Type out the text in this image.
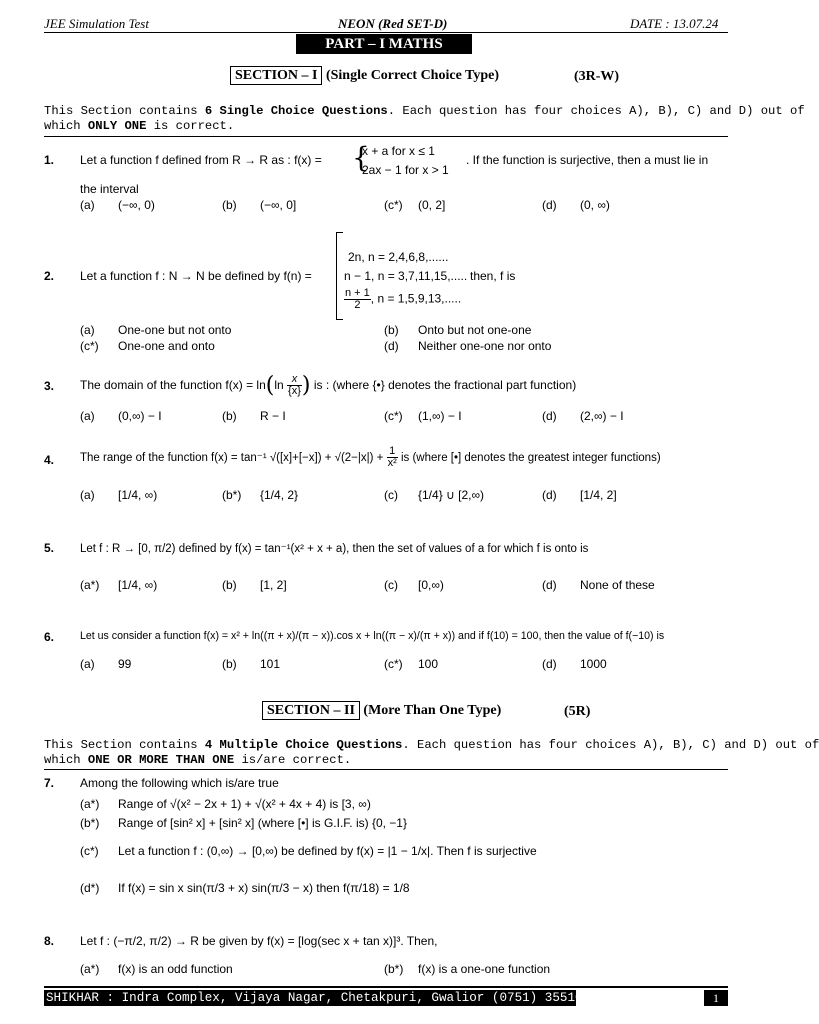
JEE Simulation Test	NEON (Red SET-D)	DATE : 13.07.24
PART – I MATHS
SECTION – I (Single Correct Choice Type)	(3R-W)
This Section contains 6 Single Choice Questions. Each question has four choices A), B), C) and D) out of
which ONLY ONE is correct.
1. Let a function f defined from R → R as : f(x) = {
x + a for x ≤ 1
2ax − 1 for x > 1
. If the function is surjective, then a must lie in
the interval
(a) (−∞, 0)	(b) (−∞, 0]	(c*) (0, 2]	(d) (0, ∞)
2. Let a function f : N → N be defined by f(n) =
2n, n = 2,4,6,8,......
n − 1, n = 3,7,11,15,.....
$\frac{n + 1}{2}$ , n = 1,5,9,13,.....
then, f is
(a) One-one but not onto	(b) Onto but not one-one
(c*) One-one and onto	(d) Neither one-one nor onto
3. The domain of the function $f(x) = \ln(\ln \frac{x}{\{x\}}$ ) is : (where {•} denotes the fractional part function)
(a) (0,∞) − I	(b) R − I	(c*) (1,∞) − I	(d) (2,∞) − I
4. The range of the function f(x) = tan⁻¹ $√([x]+[-x]) + √(2-|x|) + \frac{1}{\text{x²}}$ is (where [•] denotes the greatest integer functions)
(a) [1/4, ∞)	(b*) {1/4, 2}	(c) {1/4} ∪ [2,∞)	(d) [1/4, 2]
5. Let f : R → [0, π/2) defined by f(x) = tan⁻¹(x² + x + a), then the set of values of a for which f is onto is
(a*) [1/4, ∞)	(b) [1, 2]	(c) [0,∞)	(d) None of these
6. Let us consider a function f(x) = x² + ln((π + x)/(π − x)).cos x + ln((π − x)/(π + x)) and if f(10) = 100, then the value of f(−10) is
(a) 99	(b) 101	(c*) 100	(d) 1000
SECTION – II (More Than One Type)	(5R)
This Section contains 4 Multiple Choice Questions. Each question has four choices A), B), C) and D) out of
which ONE OR MORE THAN ONE is/are correct.
7. Among the following which is/are true
(a*) Range of √(x² − 2x + 1) + √(x² + 4x + 4) is [3, ∞)
(b*) Range of [sin² x] + [sin² x] (where [•] is G.I.F. is) {0, −1}
(c*) Let a function f : (0,∞) → [0,∞) be defined by f(x) = |1 − 1/x|. Then f is surjective
(d*) If f(x) = sin x sin(π/3 + x) sin(π/3 − x) then f(π/18) = 1/8
8. Let f : (−π/2, π/2) → R be given by f(x) = [log(sec x + tan x)]³. Then,
(a*) f(x) is an odd function	(b*) f(x) is a one-one function
SHIKHAR : Indra Complex, Vijaya Nagar, Chetakpuri, Gwalior (0751) 3551081	1
